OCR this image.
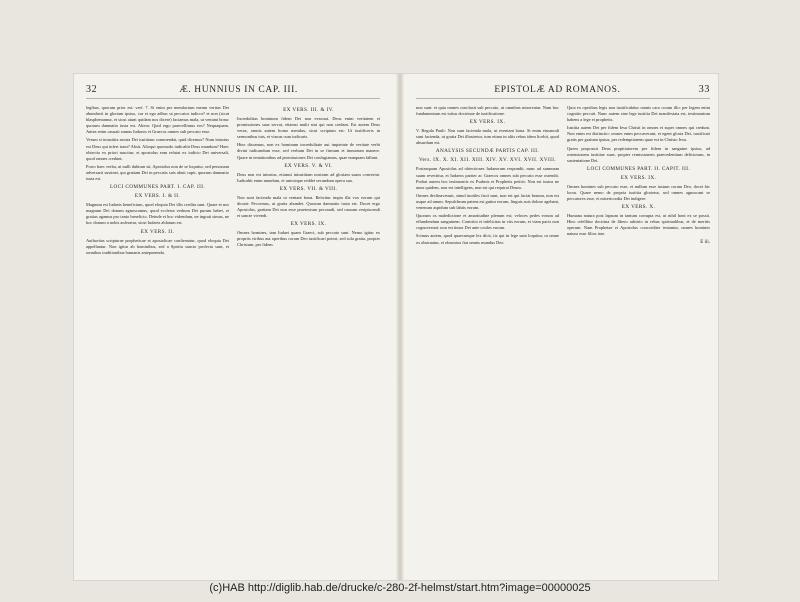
32	Æ. HUNNIUS IN CAP. III.
legibus, quorum prior est: verf. 7. Si enim per mendacium meum veritas Dei abundavit in gloriam ipsius, cur et ego adhuc ut peccator iudicor? et non (sicut blasphemamur, et sicut aiunt quidam nos dicere) faciamus mala, ut veniant bona: quorum damnatio iusta est. Altera: Quid ergo praecellimus eos? Nequaquam. Antea enim causati sumus Iudaeos et Graecos omnes sub peccato esse.
Verum si iniustitia nostra Dei iustitiam commendat, quid dicemus? Num iniustus est Deus qui infert iram? Absit. Alioqui quomodo iudicabit Deus mundum? Haec obiectio ex priori nascitur, et apostolus eam refutat ex iudicio Dei universali, quod omnes credunt.
Porro haec verba, ut nulli dubium sit, Apostolus non de se loquitur, sed personam adversarii sustinet, qui gratiam Dei in peccatis suis abuti cupit, quorum damnatio iusta est.
LOCI COMMUNES PART. I. CAP. III.
EX VERS. I. & II.
Magnum est Iudaeis beneficium, quod eloquia Dei illis credita sunt. Quare et nos magnum Dei donum agnoscamus, quod ecclesia verbum Dei purum habet, et gratias agamus pro tanto beneficio. Deinde et hoc videndum, ne ingrati simus, ne hoc donum a nobis auferatur, sicut Iudaeis ablatum est.
EX VERS. II.
Authoritas scripturae propheticae et apostolicae confirmatur, quod eloquia Dei appellantur. Non igitur ab hominibus, sed a Spiritu sancto profecta sunt, et omnibus traditionibus humanis anteponenda.
EX VERS. III. & IV.
Incredulitas hominum fidem Dei non evacuat. Deus enim veritatem et promissiones suas servat, etiamsi multi sint qui non credant. Est autem Deus verax, omnis autem homo mendax, sicut scriptum est: Ut iustificeris in sermonibus tuis, et vincas cum iudicaris.
Hinc discamus, non ex hominum incredulitate aut impietate de veritate verbi divini iudicandum esse, sed verbum Dei in se firmum et immotum manere. Quare in tentationibus ad promissiones Dei confugiamus, quae nunquam fallunt.
EX VERS. V. & VI.
Deus non est iniustus, etiamsi iniustitiam nostram ad gloriam suam convertat. Iudicabit enim mundum, et unicuique reddet secundum opera sua.
EX VERS. VII. & VIII.
Non sunt facienda mala ut veniant bona. Reiicitur impia illa vox eorum qui dicunt: Peccemus, ut gratia abundet. Quorum damnatio iusta est. Docet ergo Apostolus, gratiam Dei non esse praetextum peccandi, sed causam resipiscendi et sancte vivendi.
EX VERS. IX.
Omnes homines, tam Iudaei quam Graeci, sub peccato sunt. Nemo igitur ex propriis viribus aut operibus coram Deo iustificari potest, sed sola gratia, propter Christum, per fidem.
EPISTOLÆ AD ROMANOS.	33
non sunt: et quia omnes conclusit sub peccato, ut omnibus misereatur. Nam hoc fundamentum est totius doctrinae de iustificatione.
EX VERS. IX.
V. Regula Pauli: Non sunt facienda mala, ut eveniant bona. Si enim eiusmodi sunt facienda, ut gratia Dei illustretur, tum etiam in aliis rebus idem licebit, quod absurdum est.
ANALYSIS SECUNDÆ PARTIS CAP. III.
Vers. IX. X. XI. XII. XIII. XIV. XV. XVI. XVII. XVIII.
Posteaquam Apostolus ad obiectiones Iudaeorum respondit, nunc ad summam suam revertitur, et Iudaeos pariter ac Graecos omnes sub peccato esse ostendit. Probat autem hoc testimoniis ex Psalmis et Prophetis petitis: Non est iustus ne unus quidem, non est intelligens, non est qui requirat Deum.
Omnes declinaverunt, simul inutiles facti sunt, non est qui faciat bonum, non est usque ad unum. Sepulchrum patens est guttur eorum, linguis suis dolose agebant, venenum aspidum sub labiis eorum.
Quorum os maledictione et amaritudine plenum est; veloces pedes eorum ad effundendum sanguinem. Contritio et infelicitas in viis eorum, et viam pacis non cognoverunt: non est timor Dei ante oculos eorum.
Scimus autem, quod quaecunque lex dicit, iis qui in lege sunt loquitur, ut omne os obstruatur, et obnoxius fiat omnis mundus Deo.
Quia ex operibus legis non iustificabitur omnis caro coram illo: per legem enim cognitio peccati. Nunc autem sine lege iustitia Dei manifestata est, testimonium habens a lege et prophetis.
Iustitia autem Dei per fidem Iesu Christi in omnes et super omnes qui credunt. Non enim est distinctio: omnes enim peccaverunt, et egent gloria Dei, iustificati gratis per gratiam ipsius, per redemptionem quae est in Christo Iesu.
Quem proposuit Deus propitiatorem per fidem in sanguine ipsius, ad ostensionem iustitiae suae, propter remissionem praecedentium delictorum, in sustentatione Dei.
LOCI COMMUNES PART. II. CAPIT. III.
EX VERS. IX.
Omnes homines sub peccato esse, et nullum esse iustum coram Deo, docet hic locus. Quare nemo de propria iustitia glorietur, sed omnes agnoscant se peccatores esse, et misericordia Dei indigere.
EX VERS. X.
Humana natura post lapsum in tantum corrupta est, ut nihil boni ex se possit. Hinc refellitur doctrina de libero arbitrio in rebus spiritualibus, et de meritis operum. Nam Prophetae et Apostolus concorditer testantur, omnes homines natura esse filios irae.
E iii.
(c)HAB http://diglib.hab.de/drucke/c-280-2f-helmst/start.htm?image=00000025
